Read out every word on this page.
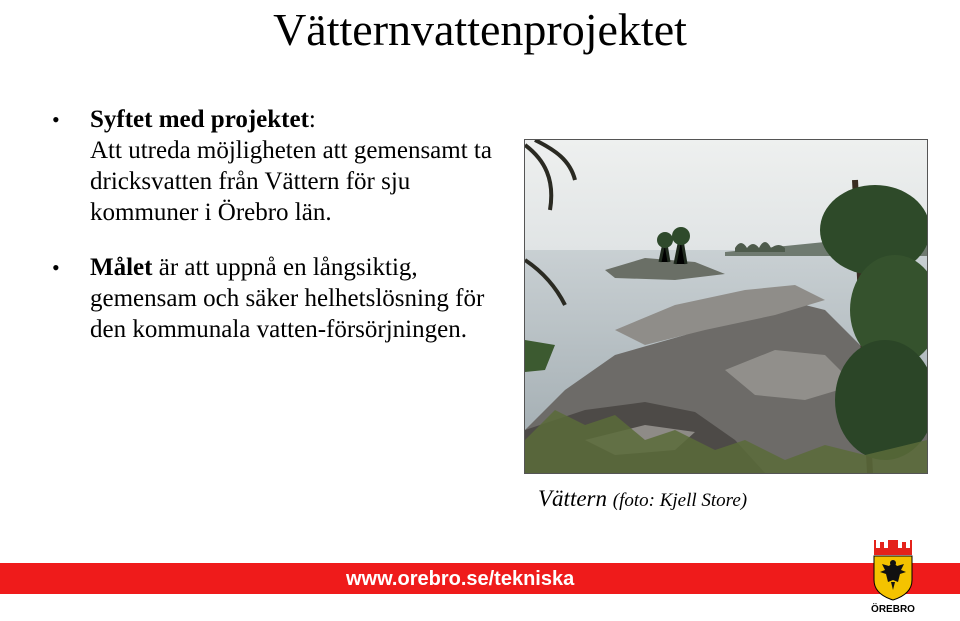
Vätternvattenprojektet
• Syftet med projektet:
Att utreda möjligheten att gemensamt ta dricksvatten från Vättern för sju kommuner i Örebro län.
• Målet är att uppnå en långsiktig, gemensam och säker helhetslösning för den kommunala vatten-försörjningen.
Vättern (foto: Kjell Store)
www.orebro.se/tekniska
ÖREBRO
